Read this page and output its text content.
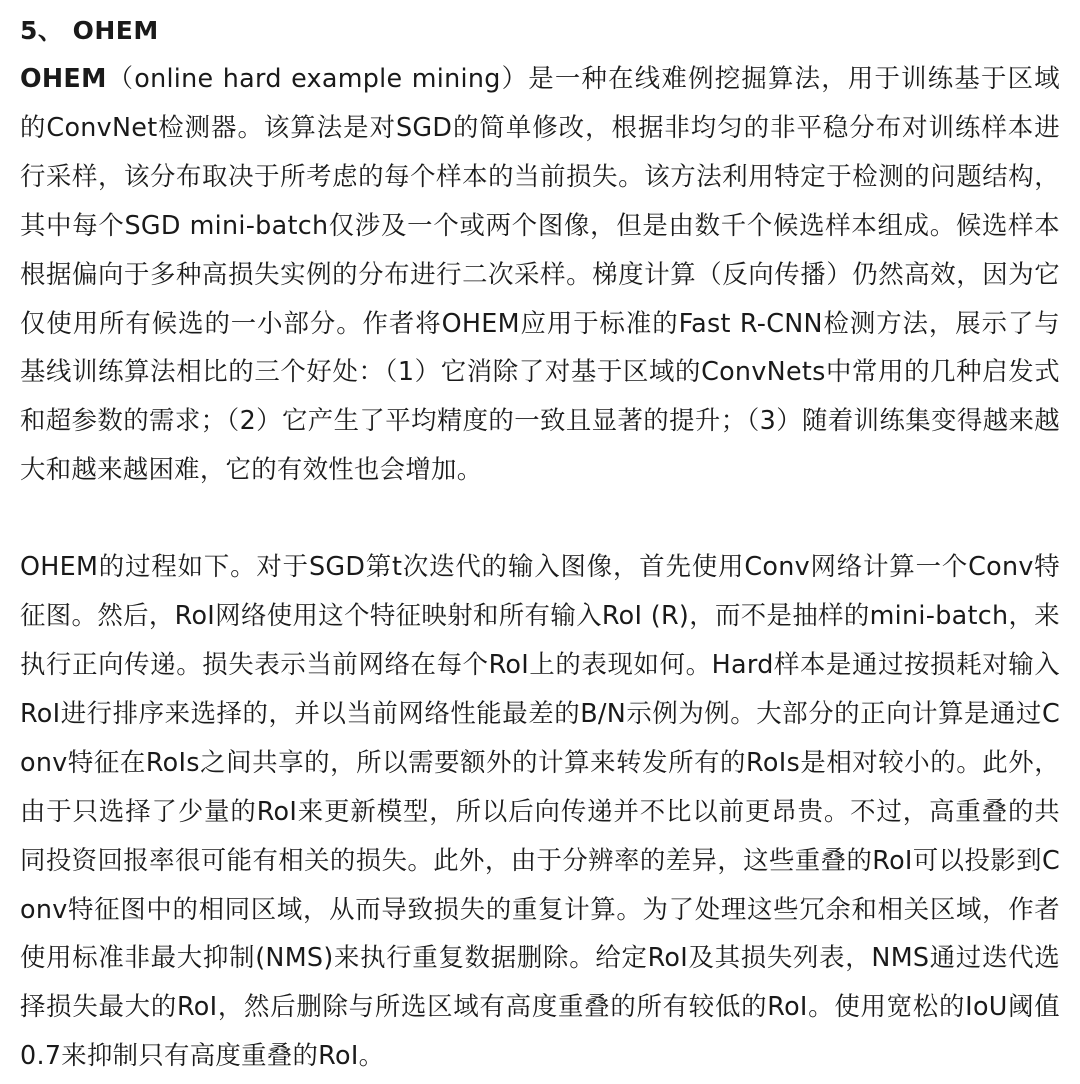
5、 OHEM

OHEM（online hard example mining）是一种在线难例挖掘算法，用于训练基于区域的ConvNet检测器。该算法是对SGD的简单修改，根据非均匀的非平稳分布对训练样本进行采样，该分布取决于所考虑的每个样本的当前损失。该方法利用特定于检测的问题结构，其中每个SGD mini-batch仅涉及一个或两个图像，但是由数千个候选样本组成。候选样本根据偏向于多种高损失实例的分布进行二次采样。梯度计算（反向传播）仍然高效，因为它仅使用所有候选的一小部分。作者将OHEM应用于标准的Fast R-CNN检测方法，展示了与基线训练算法相比的三个好处：（1）它消除了对基于区域的ConvNets中常用的几种启发式和超参数的需求；（2）它产生了平均精度的一致且显著的提升；（3）随着训练集变得越来越大和越来越困难，它的有效性也会增加。

OHEM的过程如下。对于SGD第t次迭代的输入图像，首先使用Conv网络计算一个Conv特征图。然后，RoI网络使用这个特征映射和所有输入RoI (R)，而不是抽样的mini-batch，来执行正向传递。损失表示当前网络在每个RoI上的表现如何。Hard样本是通过按损耗对输入RoI进行排序来选择的，并以当前网络性能最差的B/N示例为例。大部分的正向计算是通过Conv特征在RoIs之间共享的，所以需要额外的计算来转发所有的RoIs是相对较小的。此外，由于只选择了少量的RoI来更新模型，所以后向传递并不比以前更昂贵。不过，高重叠的共同投资回报率很可能有相关的损失。此外，由于分辨率的差异，这些重叠的RoI可以投影到Conv特征图中的相同区域，从而导致损失的重复计算。为了处理这些冗余和相关区域，作者使用标准非最大抑制(NMS)来执行重复数据删除。给定RoI及其损失列表，NMS通过迭代选择损失最大的RoI，然后删除与所选区域有高度重叠的所有较低的RoI。使用宽松的IoU阈值0.7来抑制只有高度重叠的RoI。
